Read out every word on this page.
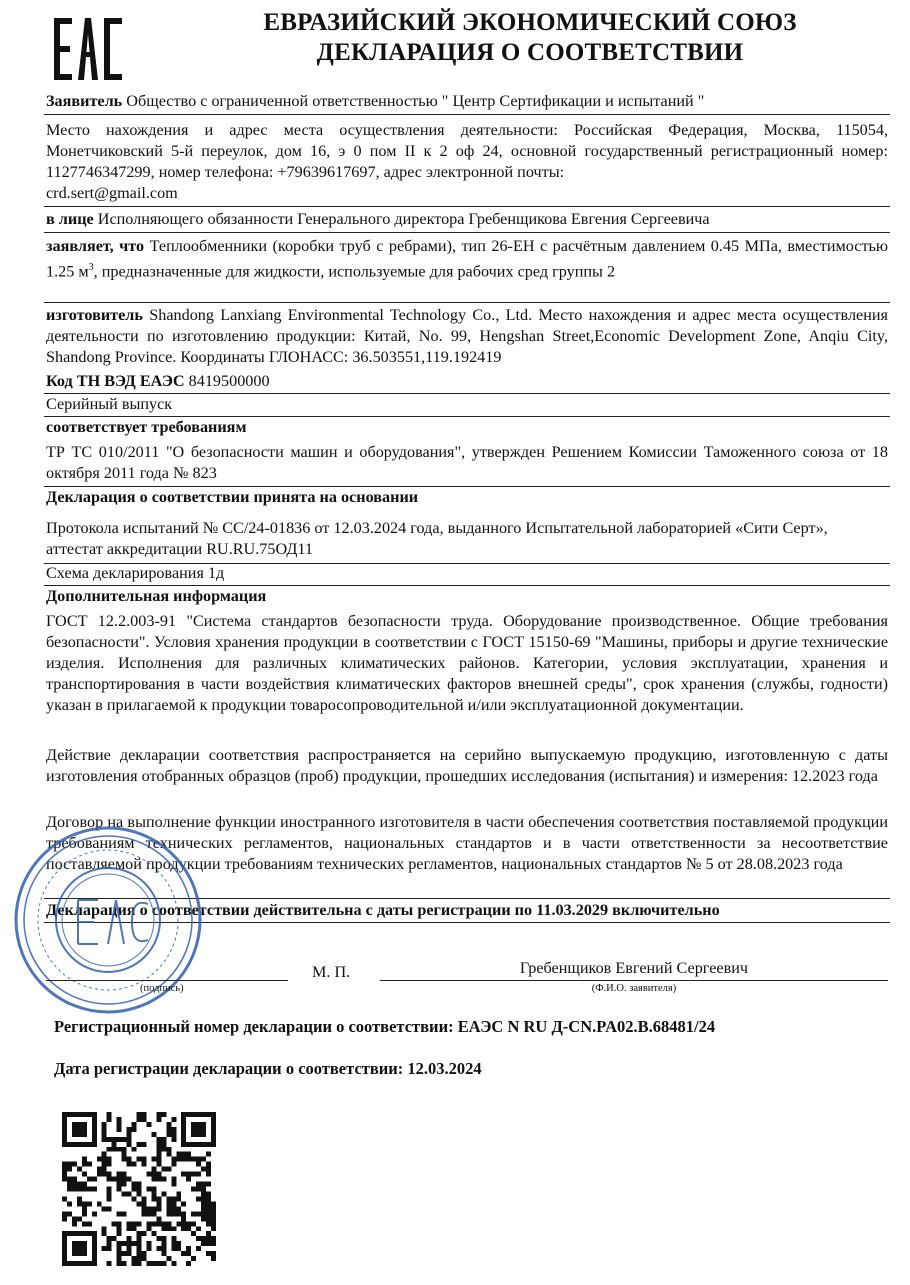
ЕВРАЗИЙСКИЙ ЭКОНОМИЧЕСКИЙ СОЮЗ
ДЕКЛАРАЦИЯ О СООТВЕТСТВИИ
Заявитель Общество с ограниченной ответственностью " Центр Сертификации и испытаний "
Место нахождения и адрес места осуществления деятельности: Российская Федерация, Москва, 115054, Монетчиковский 5-й переулок, дом 16, э 0 пом II к 2 оф 24, основной государственный регистрационный номер: 1127746347299, номер телефона: +79639617697, адрес электронной почты:
crd.sert@gmail.com
в лице Исполняющего обязанности Генерального директора Гребенщикова Евгения Сергеевича
заявляет, что Теплообменники (коробки труб с ребрами), тип 26-EH с расчётным давлением 0.45 МПа, вместимостью 1.25 $м^3$, предназначенные для жидкости, используемые для рабочих сред группы 2
изготовитель Shandong Lanxiang Environmental Technology Co., Ltd. Место нахождения и адрес места осуществления деятельности по изготовлению продукции: Китай, No. 99, Hengshan Street,Economic Development Zone, Anqiu City, Shandong Province. Координаты ГЛОНАСС: 36.503551,119.192419
Код ТН ВЭД ЕАЭС 8419500000
Серийный выпуск
соответствует требованиям
ТР ТС 010/2011 "О безопасности машин и оборудования", утвержден Решением Комиссии Таможенного союза от 18 октября 2011 года № 823
Декларация о соответствии принята на основании
Протокола испытаний № CC/24-01836 от 12.03.2024 года, выданного Испытательной лабораторией «Сити Серт», аттестат аккредитации RU.RU.75ОД11
Схема декларирования 1д
Дополнительная информация
ГОСТ 12.2.003-91 "Система стандартов безопасности труда. Оборудование производственное. Общие требования безопасности". Условия хранения продукции в соответствии с ГОСТ 15150-69 "Машины, приборы и другие технические изделия. Исполнения для различных климатических районов. Категории, условия эксплуатации, хранения и транспортирования в части воздействия климатических факторов внешней среды", срок хранения (службы, годности) указан в прилагаемой к продукции товаросопроводительной и/или эксплуатационной документации.
Действие декларации соответствия распространяется на серийно выпускаемую продукцию, изготовленную с даты изготовления отобранных образцов (проб) продукции, прошедших исследования (испытания) и измерения: 12.2023 года
Договор на выполнение функции иностранного изготовителя в части обеспечения соответствия поставляемой продукции требованиям технических регламентов, национальных стандартов и в части ответственности за несоответствие поставляемой продукции требованиям технических регламентов, национальных стандартов № 5 от 28.08.2023 года
Декларация о соответствии действительна с даты регистрации по 11.03.2029 включительно
(подпись)
М. П.	Гребенщиков Евгений Сергеевич
(Ф.И.О. заявителя)
Регистрационный номер декларации о соответствии: ЕАЭС N RU Д-CN.PA02.B.68481/24
Дата регистрации декларации о соответствии: 12.03.2024
